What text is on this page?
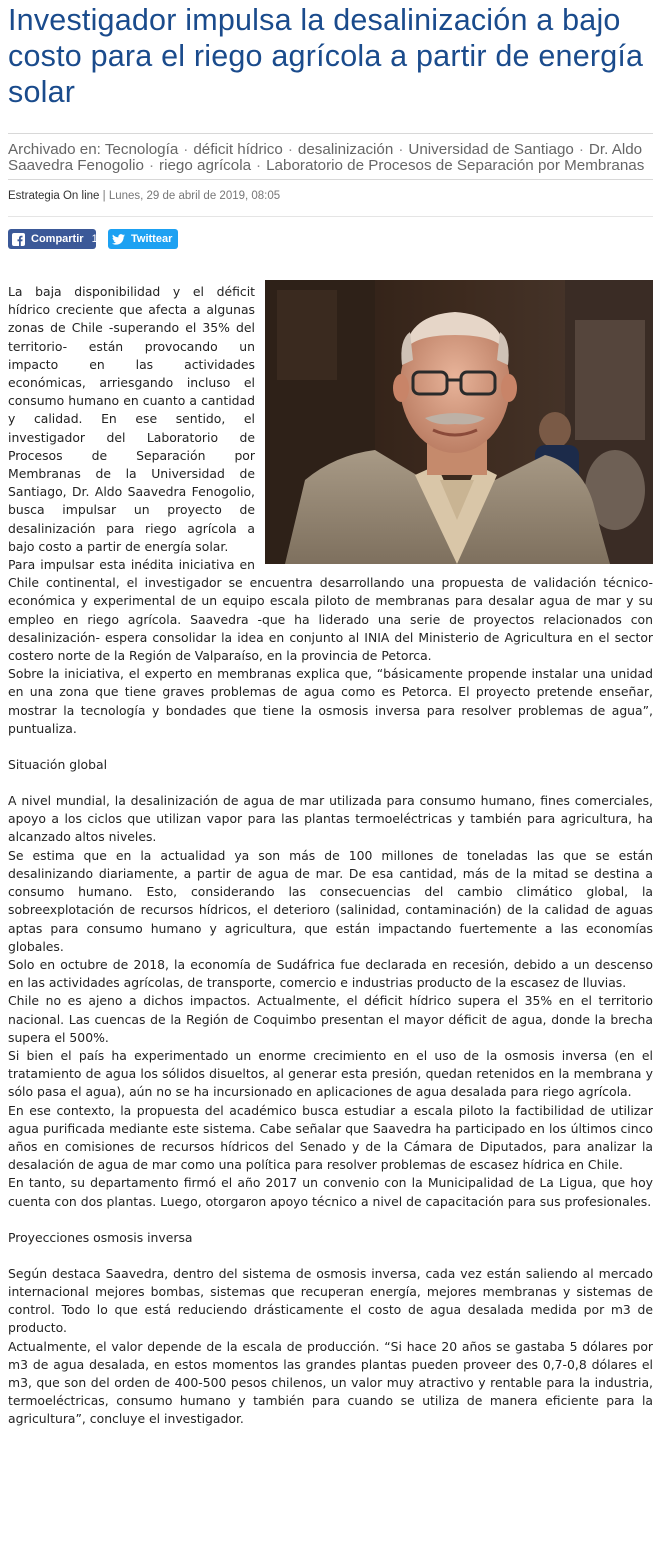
Investigador impulsa la desalinización a bajo costo para el riego agrícola a partir de energía solar
Archivado en: Tecnología · déficit hídrico · desalinización · Universidad de Santiago · Dr. Aldo Saavedra Fenogolio · riego agrícola · Laboratorio de Procesos de Separación por Membranas
Estrategia On line | Lunes, 29 de abril de 2019, 08:05
Compartir 1	Twittear

La baja disponibilidad y el déficit hídrico creciente que afecta a algunas zonas de Chile -superando el 35% del territorio- están provocando un impacto en las actividades económicas, arriesgando incluso el consumo humano en cuanto a cantidad y calidad. En ese sentido, el investigador del Laboratorio de Procesos de Separación por Membranas de la Universidad de Santiago, Dr. Aldo Saavedra Fenogolio, busca impulsar un proyecto de desalinización para riego agrícola a bajo costo a partir de energía solar.

Para impulsar esta inédita iniciativa en Chile continental, el investigador se encuentra desarrollando una propuesta de validación técnico-económica y experimental de un equipo escala piloto de membranas para desalar agua de mar y su empleo en riego agrícola. Saavedra -que ha liderado una serie de proyectos relacionados con desalinización- espera consolidar la idea en conjunto al INIA del Ministerio de Agricultura en el sector costero norte de la Región de Valparaíso, en la provincia de Petorca.

Sobre la iniciativa, el experto en membranas explica que, “básicamente propende instalar una unidad en una zona que tiene graves problemas de agua como es Petorca. El proyecto pretende enseñar, mostrar la tecnología y bondades que tiene la osmosis inversa para resolver problemas de agua”, puntualiza.

Situación global

A nivel mundial, la desalinización de agua de mar utilizada para consumo humano, fines comerciales, apoyo a los ciclos que utilizan vapor para las plantas termoeléctricas y también para agricultura, ha alcanzado altos niveles.

Se estima que en la actualidad ya son más de 100 millones de toneladas las que se están desalinizando diariamente, a partir de agua de mar. De esa cantidad, más de la mitad se destina a consumo humano. Esto, considerando las consecuencias del cambio climático global, la sobreexplotación de recursos hídricos, el deterioro (salinidad, contaminación) de la calidad de aguas aptas para consumo humano y agricultura, que están impactando fuertemente a las economías globales.

Solo en octubre de 2018, la economía de Sudáfrica fue declarada en recesión, debido a un descenso en las actividades agrícolas, de transporte, comercio e industrias producto de la escasez de lluvias.

Chile no es ajeno a dichos impactos. Actualmente, el déficit hídrico supera el 35% en el territorio nacional. Las cuencas de la Región de Coquimbo presentan el mayor déficit de agua, donde la brecha supera el 500%.

Si bien el país ha experimentado un enorme crecimiento en el uso de la osmosis inversa (en el tratamiento de agua los sólidos disueltos, al generar esta presión, quedan retenidos en la membrana y sólo pasa el agua), aún no se ha incursionado en aplicaciones de agua desalada para riego agrícola.

En ese contexto, la propuesta del académico busca estudiar a escala piloto la factibilidad de utilizar agua purificada mediante este sistema. Cabe señalar que Saavedra ha participado en los últimos cinco años en comisiones de recursos hídricos del Senado y de la Cámara de Diputados, para analizar la desalación de agua de mar como una política para resolver problemas de escasez hídrica en Chile.

En tanto, su departamento firmó el año 2017 un convenio con la Municipalidad de La Ligua, que hoy cuenta con dos plantas. Luego, otorgaron apoyo técnico a nivel de capacitación para sus profesionales.

Proyecciones osmosis inversa

Según destaca Saavedra, dentro del sistema de osmosis inversa, cada vez están saliendo al mercado internacional mejores bombas, sistemas que recuperan energía, mejores membranas y sistemas de control. Todo lo que está reduciendo drásticamente el costo de agua desalada medida por m3 de producto.

Actualmente, el valor depende de la escala de producción. “Si hace 20 años se gastaba 5 dólares por m3 de agua desalada, en estos momentos las grandes plantas pueden proveer des 0,7-0,8 dólares el m3, que son del orden de 400-500 pesos chilenos, un valor muy atractivo y rentable para la industria, termoeléctricas, consumo humano y también para cuando se utiliza de manera eficiente para la agricultura”, concluye el investigador.
